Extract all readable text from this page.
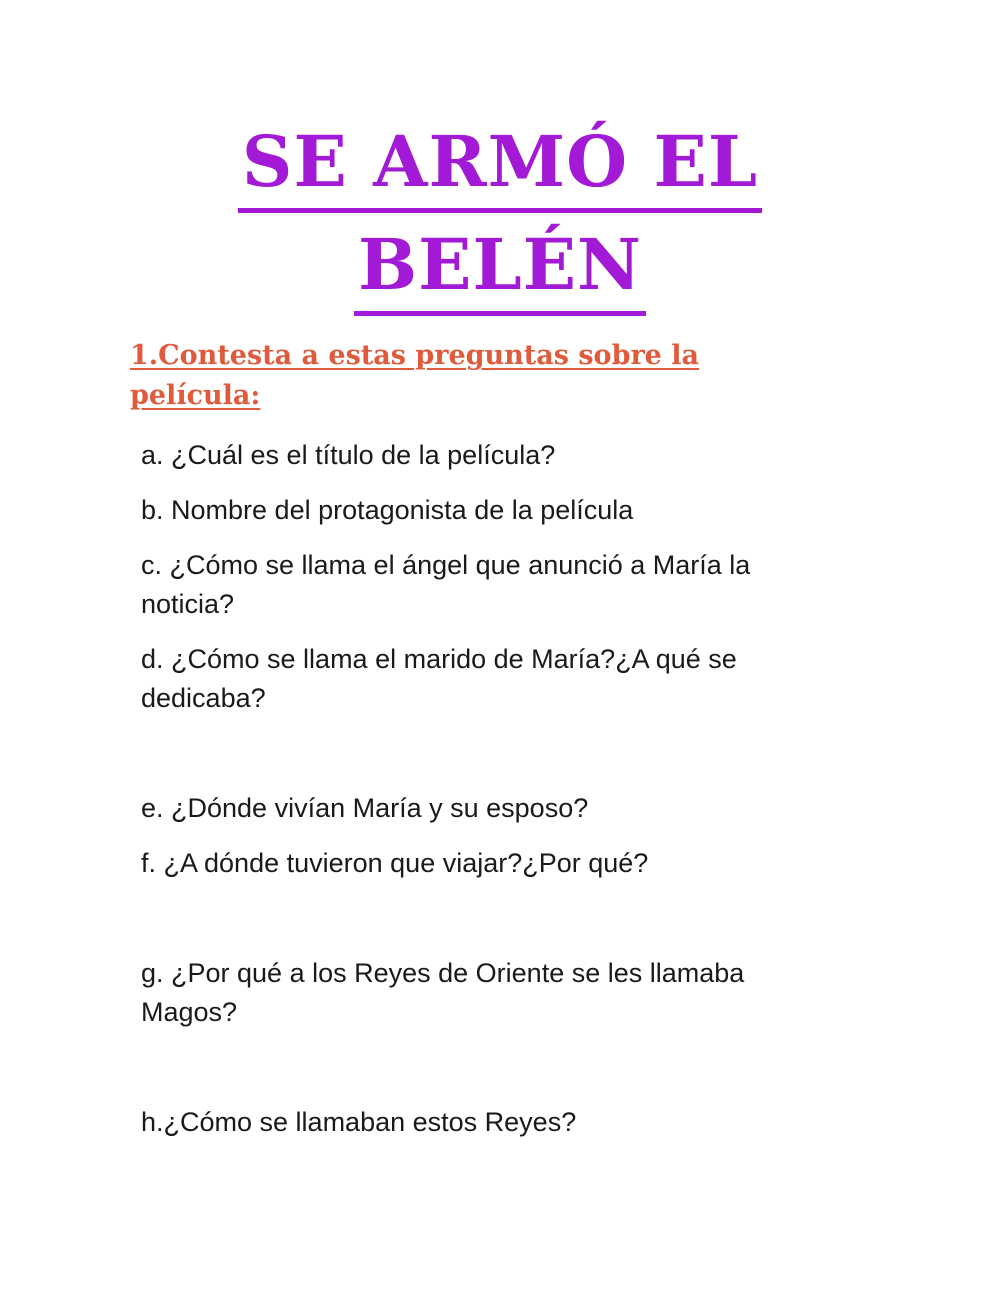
SE ARMÓ EL
BELÉN
1.Contesta a estas preguntas sobre la película:

a. ¿Cuál es el título de la película?

b. Nombre del protagonista de la película

c. ¿Cómo se llama el ángel que anunció a María la noticia?

d. ¿Cómo se llama el marido de María?¿A qué se dedicaba?

e. ¿Dónde vivían María y su esposo?

f. ¿A dónde tuvieron que viajar?¿Por qué?

g. ¿Por qué a los Reyes de Oriente se les llamaba Magos?

h.¿Cómo se llamaban estos Reyes?
